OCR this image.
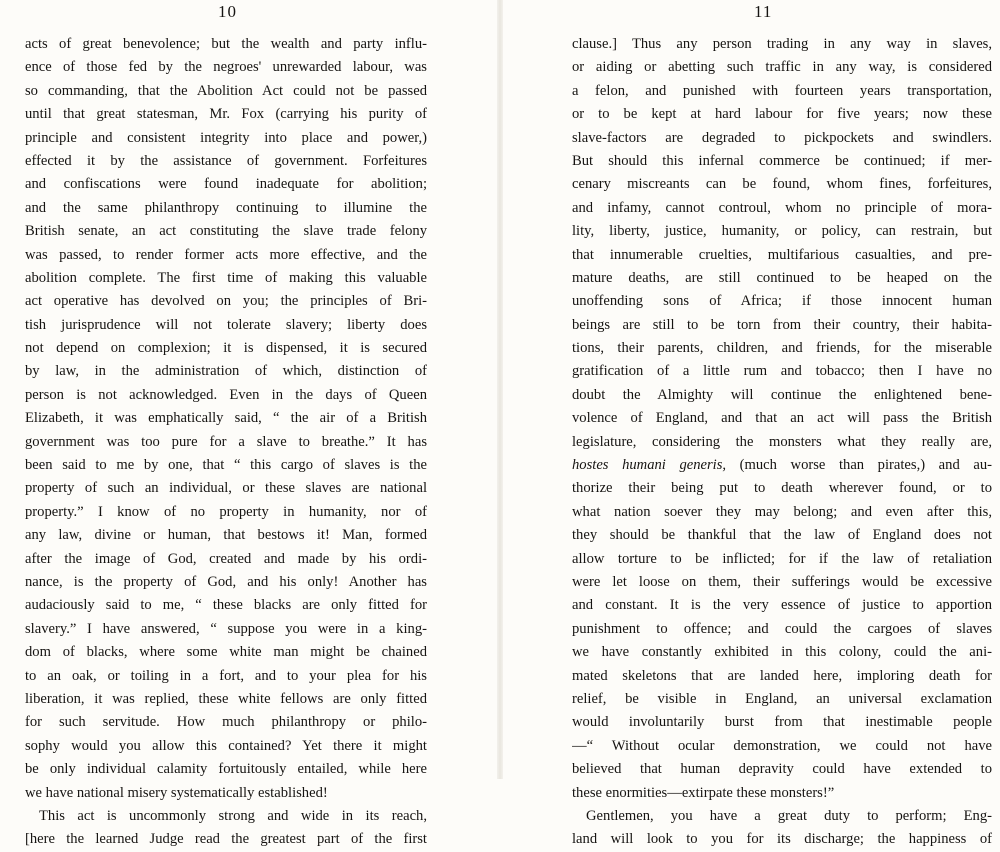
10
acts of great benevolence; but the wealth and party influ-
ence of those fed by the negroes' unrewarded labour, was
so commanding, that the Abolition Act could not be passed
until that great statesman, Mr. Fox (carrying his purity of
principle and consistent integrity into place and power,)
effected it by the assistance of government. Forfeitures
and confiscations were found inadequate for abolition;
and the same philanthropy continuing to illumine the
British senate, an act constituting the slave trade felony
was passed, to render former acts more effective, and the
abolition complete. The first time of making this valuable
act operative has devolved on you; the principles of Bri-
tish jurisprudence will not tolerate slavery; liberty does
not depend on complexion; it is dispensed, it is secured
by law, in the administration of which, distinction of
person is not acknowledged. Even in the days of Queen
Elizabeth, it was emphatically said, “ the air of a British
government was too pure for a slave to breathe.” It has
been said to me by one, that “ this cargo of slaves is the
property of such an individual, or these slaves are national
property.” I know of no property in humanity, nor of
any law, divine or human, that bestows it! Man, formed
after the image of God, created and made by his ordi-
nance, is the property of God, and his only! Another has
audaciously said to me, “ these blacks are only fitted for
slavery.” I have answered, “ suppose you were in a king-
dom of blacks, where some white man might be chained
to an oak, or toiling in a fort, and to your plea for his
liberation, it was replied, these white fellows are only fitted
for such servitude. How much philanthropy or philo-
sophy would you allow this contained? Yet there it might
be only individual calamity fortuitously entailed, while here
we have national misery systematically established!
This act is uncommonly strong and wide in its reach,
[here the learned Judge read the greatest part of the first
11
clause.] Thus any person trading in any way in slaves,
or aiding or abetting such traffic in any way, is considered
a felon, and punished with fourteen years transportation,
or to be kept at hard labour for five years; now these
slave-factors are degraded to pickpockets and swindlers.
But should this infernal commerce be continued; if mer-
cenary miscreants can be found, whom fines, forfeitures,
and infamy, cannot controul, whom no principle of mora-
lity, liberty, justice, humanity, or policy, can restrain, but
that innumerable cruelties, multifarious casualties, and pre-
mature deaths, are still continued to be heaped on the
unoffending sons of Africa; if those innocent human
beings are still to be torn from their country, their habita-
tions, their parents, children, and friends, for the miserable
gratification of a little rum and tobacco; then I have no
doubt the Almighty will continue the enlightened bene-
volence of England, and that an act will pass the British
legislature, considering the monsters what they really are,
hostes humani generis, (much worse than pirates,) and au-
thorize their being put to death wherever found, or to
what nation soever they may belong; and even after this,
they should be thankful that the law of England does not
allow torture to be inflicted; for if the law of retaliation
were let loose on them, their sufferings would be excessive
and constant. It is the very essence of justice to apportion
punishment to offence; and could the cargoes of slaves
we have constantly exhibited in this colony, could the ani-
mated skeletons that are landed here, imploring death for
relief, be visible in England, an universal exclamation
would involuntarily burst from that inestimable people
—“ Without ocular demonstration, we could not have
believed that human depravity could have extended to
these enormities—extirpate these monsters!”
Gentlemen, you have a great duty to perform; Eng-
land will look to you for its discharge; the happiness of
